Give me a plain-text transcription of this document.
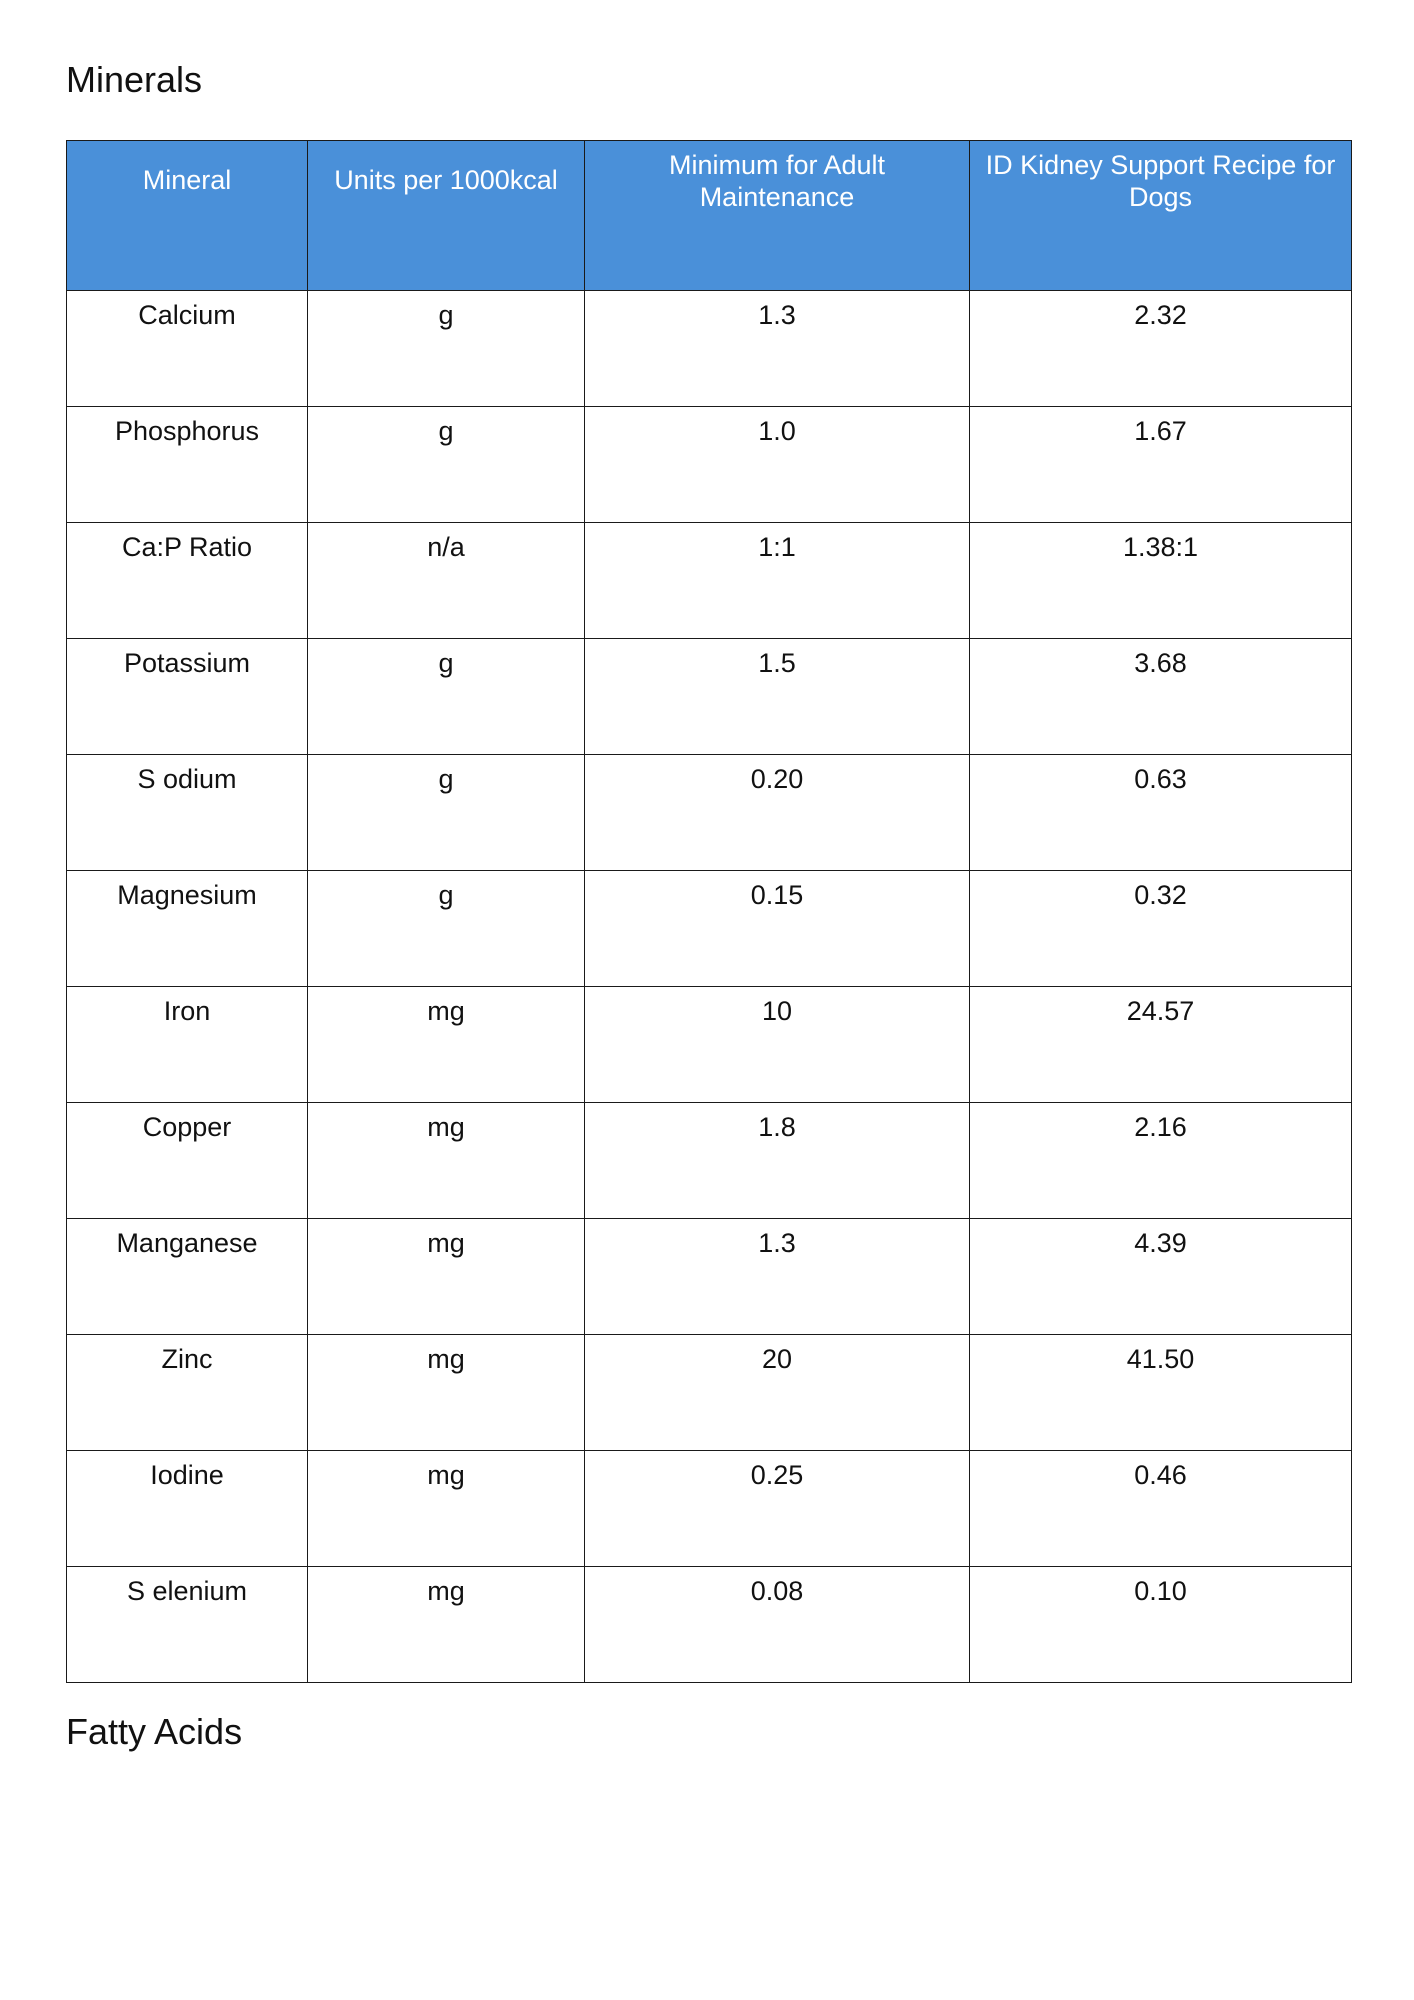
Minerals
Mineral	Units per 1000kcal	Minimum for Adult Maintenance	ID Kidney Support Recipe for Dogs
Calcium	g	1.3	2.32
Phosphorus	g	1.0	1.67
Ca:P Ratio	n/a	1:1	1.38:1
Potassium	g	1.5	3.68
S odium	g	0.20	0.63
Magnesium	g	0.15	0.32
Iron	mg	10	24.57
Copper	mg	1.8	2.16
Manganese	mg	1.3	4.39
Zinc	mg	20	41.50
Iodine	mg	0.25	0.46
S elenium	mg	0.08	0.10
Fatty Acids
